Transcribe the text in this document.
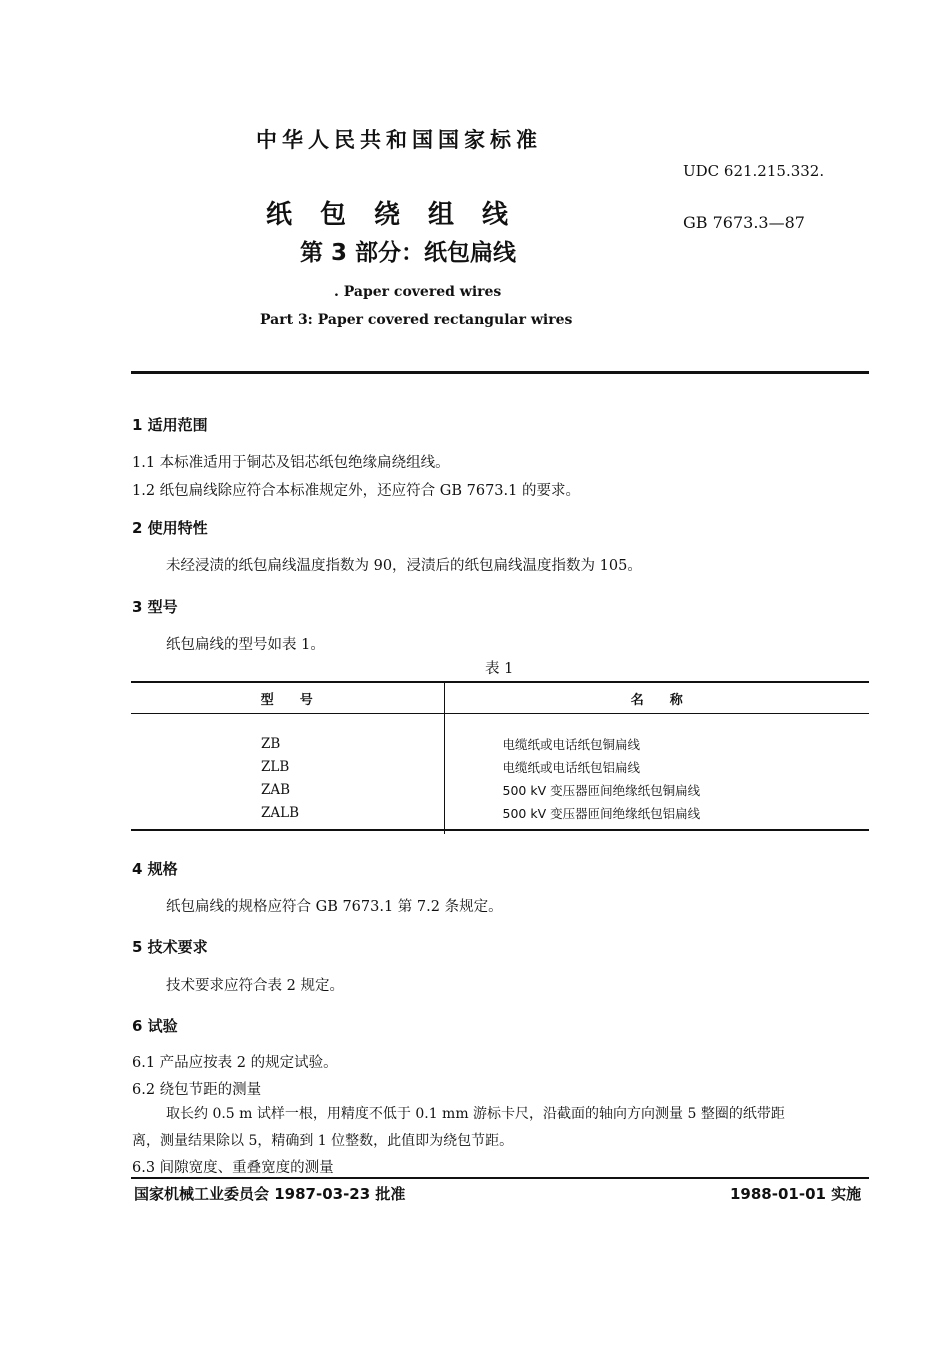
中华人民共和国国家标准
UDC 621.215.332.
纸包绕组线	GB 7673.3—87
第 3 部分：纸包扁线
. Paper covered wires
Part 3: Paper covered rectangular wires
1 适用范围
1.1 本标准适用于铜芯及铝芯纸包绝缘扁绕组线。
1.2 纸包扁线除应符合本标准规定外，还应符合 GB 7673.1 的要求。
2 使用特性
未经浸渍的纸包扁线温度指数为 90，浸渍后的纸包扁线温度指数为 105。
3 型号
纸包扁线的型号如表 1。
表 1
型　　号	名　　称
ZB	电缆纸或电话纸包铜扁线
ZLB	电缆纸或电话纸包铝扁线
ZAB	500 kV 变压器匝间绝缘纸包铜扁线
ZALB	500 kV 变压器匝间绝缘纸包铝扁线
4 规格
纸包扁线的规格应符合 GB 7673.1 第 7.2 条规定。
5 技术要求
技术要求应符合表 2 规定。
6 试验
6.1 产品应按表 2 的规定试验。
6.2 绕包节距的测量
取长约 0.5 m 试样一根，用精度不低于 0.1 mm 游标卡尺，沿截面的轴向方向测量 5 整圈的纸带距
离，测量结果除以 5，精确到 1 位整数，此值即为绕包节距。
6.3 间隙宽度、重叠宽度的测量
国家机械工业委员会 1987-03-23 批准	1988-01-01 实施
